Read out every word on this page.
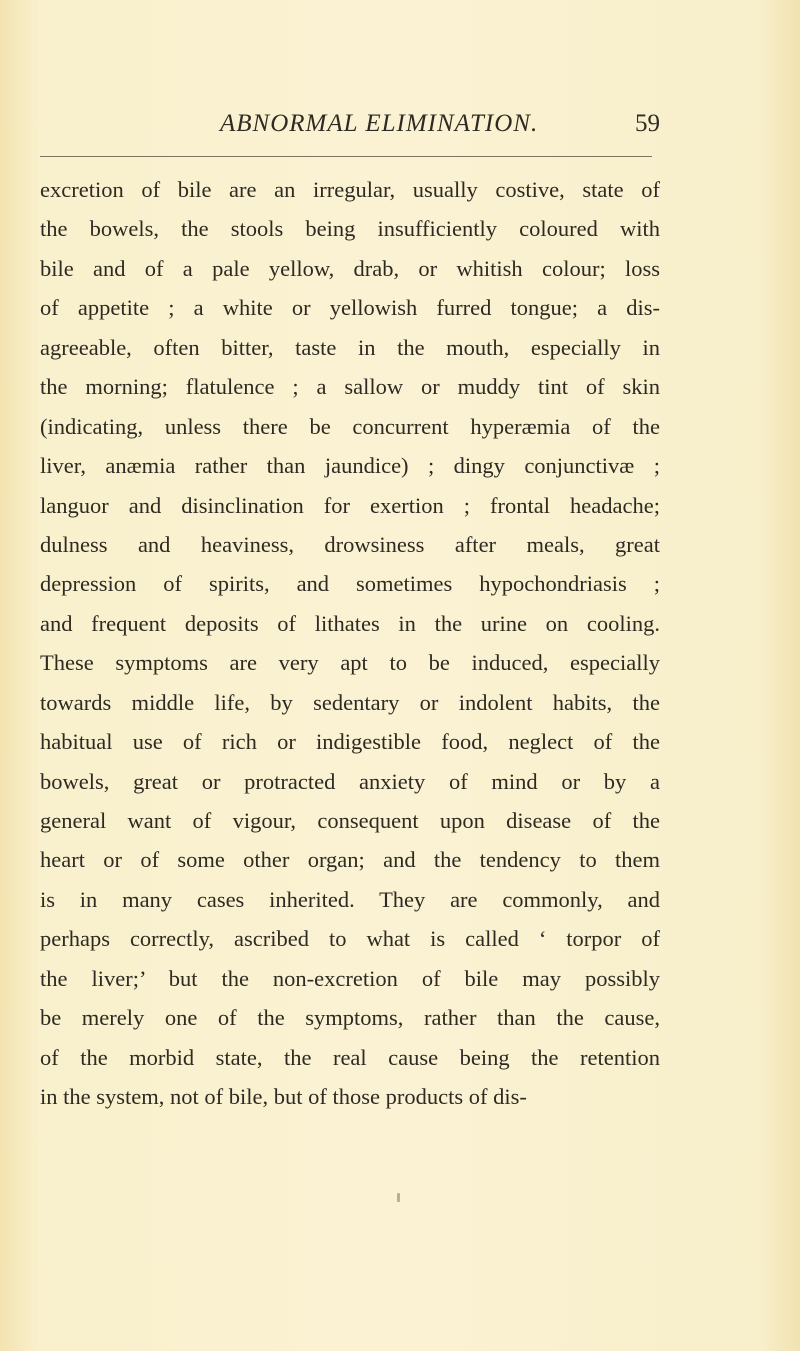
ABNORMAL ELIMINATION.	59
excretion of bile are an irregular, usually costive, state of
the bowels, the stools being insufficiently coloured with
bile and of a pale yellow, drab, or whitish colour; loss
of appetite ; a white or yellowish furred tongue; a dis-
agreeable, often bitter, taste in the mouth, especially in
the morning; flatulence ; a sallow or muddy tint of skin
(indicating, unless there be concurrent hyperæmia of the
liver, anæmia rather than jaundice) ; dingy conjunctivæ ;
languor and disinclination for exertion ; frontal headache;
dulness and heaviness, drowsiness after meals, great
depression of spirits, and sometimes hypochondriasis ;
and frequent deposits of lithates in the urine on cooling.
These symptoms are very apt to be induced, especially
towards middle life, by sedentary or indolent habits, the
habitual use of rich or indigestible food, neglect of the
bowels, great or protracted anxiety of mind or by a
general want of vigour, consequent upon disease of the
heart or of some other organ; and the tendency to them
is in many cases inherited. They are commonly, and
perhaps correctly, ascribed to what is called ‘ torpor of
the liver;’ but the non-excretion of bile may possibly
be merely one of the symptoms, rather than the cause,
of the morbid state, the real cause being the retention
in the system, not of bile, but of those products of dis-
